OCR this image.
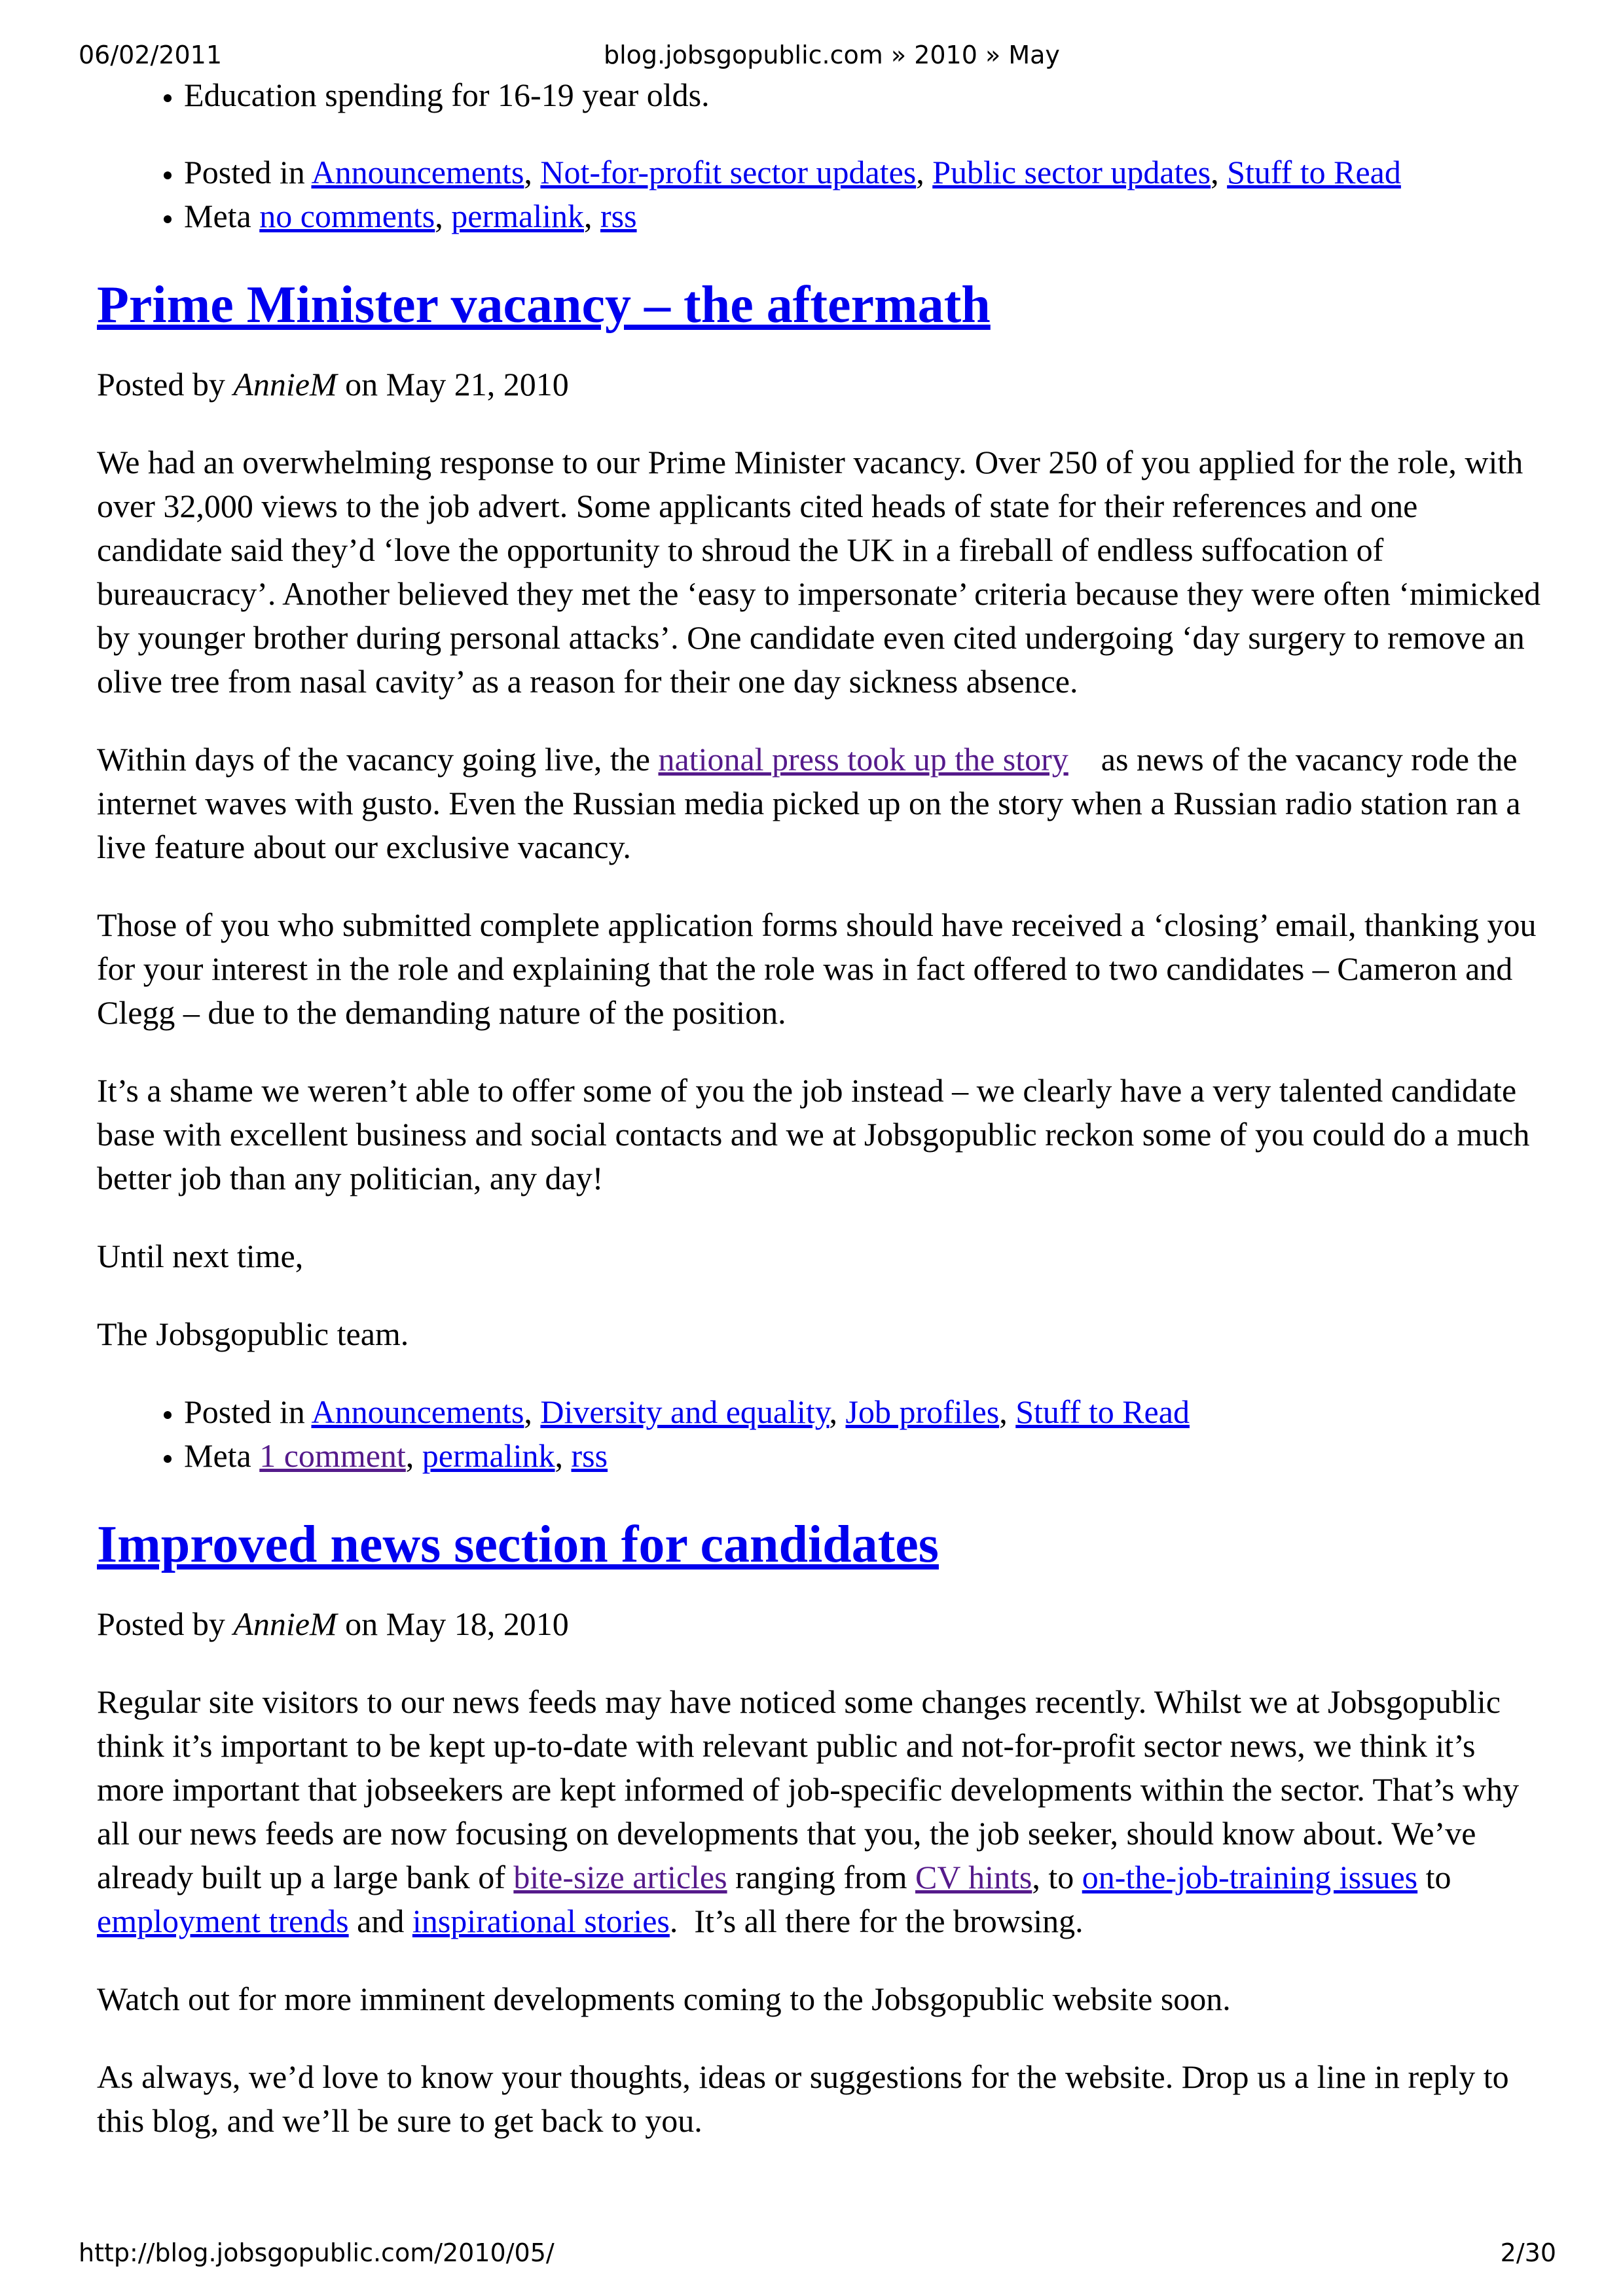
06/02/2011	blog.jobsgopublic.com » 2010 » May
• Education spending for 16-19 year olds.
• Posted in Announcements, Not-for-profit sector updates, Public sector updates, Stuff to Read
• Meta no comments, permalink, rss
Prime Minister vacancy – the aftermath

Posted by AnnieM on May 21, 2010

We had an overwhelming response to our Prime Minister vacancy. Over 250 of you applied for the role, with over 32,000 views to the job advert. Some applicants cited heads of state for their references and one candidate said they’d ‘love the opportunity to shroud the UK in a fireball of endless suffocation of bureaucracy’. Another believed they met the ‘easy to impersonate’ criteria because they were often ‘mimicked by younger brother during personal attacks’. One candidate even cited undergoing ‘day surgery to remove an olive tree from nasal cavity’ as a reason for their one day sickness absence.

Within days of the vacancy going live, the national press took up the story    as news of the vacancy rode the internet waves with gusto. Even the Russian media picked up on the story when a Russian radio station ran a live feature about our exclusive vacancy.

Those of you who submitted complete application forms should have received a ‘closing’ email, thanking you for your interest in the role and explaining that the role was in fact offered to two candidates – Cameron and Clegg – due to the demanding nature of the position.

It’s a shame we weren’t able to offer some of you the job instead – we clearly have a very talented candidate base with excellent business and social contacts and we at Jobsgopublic reckon some of you could do a much better job than any politician, any day!

Until next time,

The Jobsgopublic team.

• Posted in Announcements, Diversity and equality, Job profiles, Stuff to Read
• Meta 1 comment, permalink, rss
Improved news section for candidates

Posted by AnnieM on May 18, 2010

Regular site visitors to our news feeds may have noticed some changes recently. Whilst we at Jobsgopublic think it’s important to be kept up-to-date with relevant public and not-for-profit sector news, we think it’s more important that jobseekers are kept informed of job-specific developments within the sector. That’s why all our news feeds are now focusing on developments that you, the job seeker, should know about. We’ve already built up a large bank of bite-size articles ranging from CV hints, to on-the-job-training issues to employment trends and inspirational stories.  It’s all there for the browsing.

Watch out for more imminent developments coming to the Jobsgopublic website soon.

As always, we’d love to know your thoughts, ideas or suggestions for the website. Drop us a line in reply to this blog, and we’ll be sure to get back to you.

http://blog.jobsgopublic.com/2010/05/	2/30
